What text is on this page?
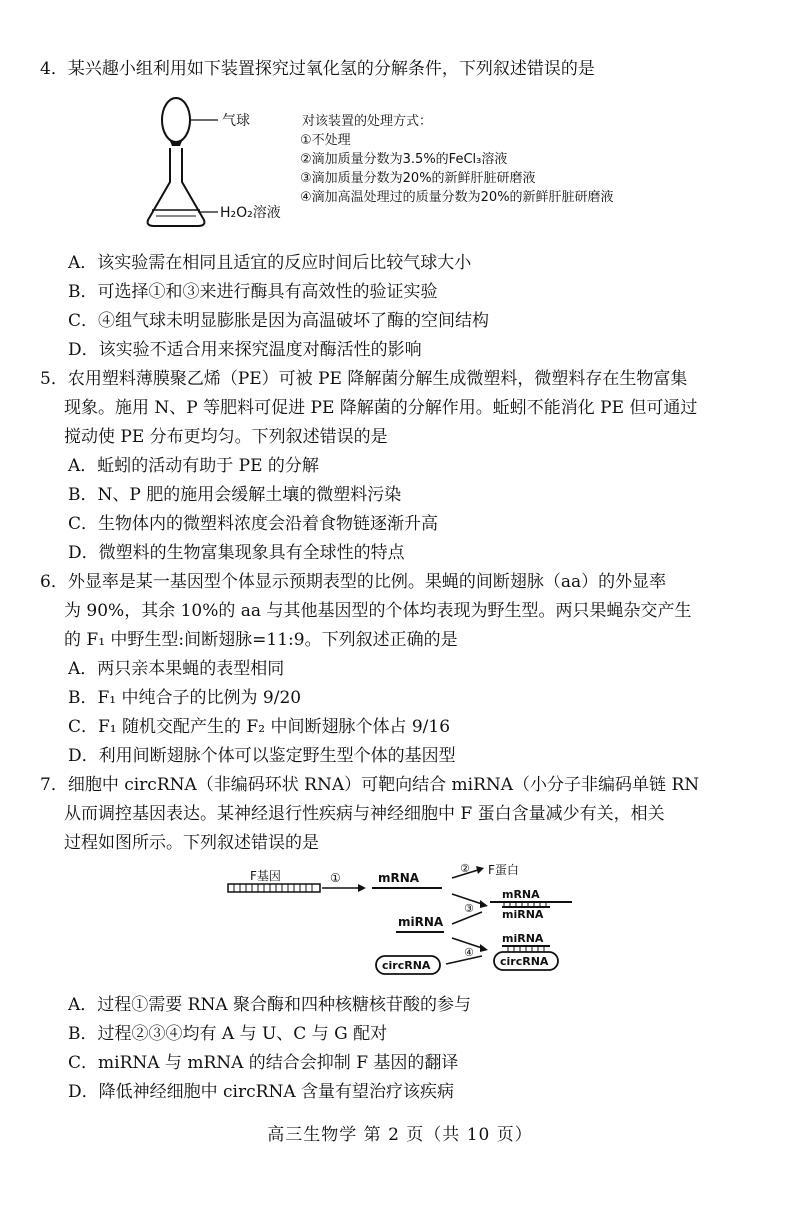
4．某兴趣小组利用如下装置探究过氧化氢的分解条件，下列叙述错误的是
气球
H₂O₂溶液
对该装置的处理方式：
①不处理
②滴加质量分数为3.5%的FeCl₃溶液
③滴加质量分数为20%的新鲜肝脏研磨液
④滴加高温处理过的质量分数为20%的新鲜肝脏研磨液
A．该实验需在相同且适宜的反应时间后比较气球大小
B．可选择①和③来进行酶具有高效性的验证实验
C．④组气球未明显膨胀是因为高温破坏了酶的空间结构
D．该实验不适合用来探究温度对酶活性的影响
5．农用塑料薄膜聚乙烯（PE）可被 PE 降解菌分解生成微塑料，微塑料存在生物富集
现象。施用 N、P 等肥料可促进 PE 降解菌的分解作用。蚯蚓不能消化 PE 但可通过
搅动使 PE 分布更均匀。下列叙述错误的是
A．蚯蚓的活动有助于 PE 的分解
B．N、P 肥的施用会缓解土壤的微塑料污染
C．生物体内的微塑料浓度会沿着食物链逐渐升高
D．微塑料的生物富集现象具有全球性的特点
6．外显率是某一基因型个体显示预期表型的比例。果蝇的间断翅脉（aa）的外显率
为 90%，其余 10%的 aa 与其他基因型的个体均表现为野生型。两只果蝇杂交产生
的 F₁ 中野生型:间断翅脉=11:9。下列叙述正确的是
A．两只亲本果蝇的表型相同
B．F₁ 中纯合子的比例为 9/20
C．F₁ 随机交配产生的 F₂ 中间断翅脉个体占 9/16
D．利用间断翅脉个体可以鉴定野生型个体的基因型
7．细胞中 circRNA（非编码环状 RNA）可靶向结合 miRNA（小分子非编码单链 RN
从而调控基因表达。某神经退行性疾病与神经细胞中 F 蛋白含量减少有关，相关
过程如图所示。下列叙述错误的是
F基因	①	mRNA
② F蛋白
③
miRNA
mRNA
miRNA
④
circRNA
miRNA
circRNA
A．过程①需要 RNA 聚合酶和四种核糖核苷酸的参与
B．过程②③④均有 A 与 U、C 与 G 配对
C．miRNA 与 mRNA 的结合会抑制 F 基因的翻译
D．降低神经细胞中 circRNA 含量有望治疗该疾病
高三生物学 第 2 页（共 10 页）
